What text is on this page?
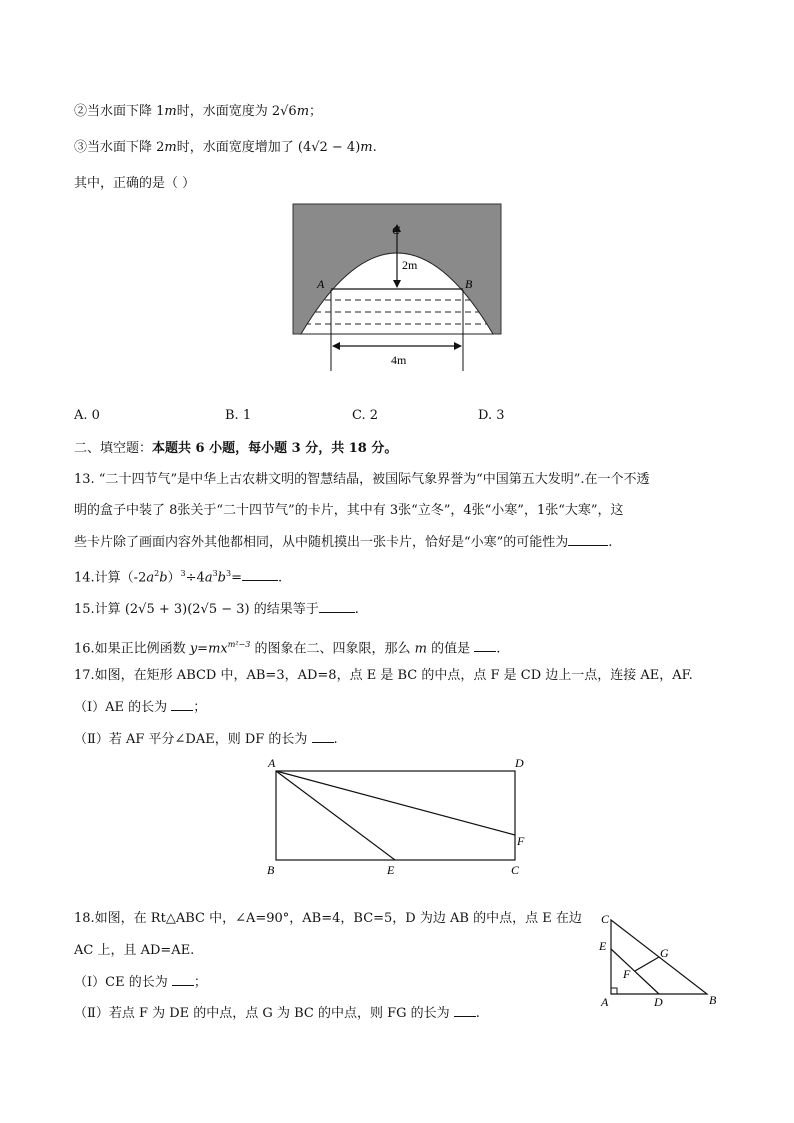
②当水面下降 1m时，水面宽度为 2√6m；
③当水面下降 2m时，水面宽度增加了 (4√2 − 4)m.
其中，正确的是（ ）
2m
C
A	B
4m
A. 0	B. 1	C. 2	D. 3
二、填空题：本题共 6 小题，每小题 3 分，共 18 分。
13. “二十四节气”是中华上古农耕文明的智慧结晶，被国际气象界誉为“中国第五大发明”.在一个不透
明的盒子中装了 8张关于“二十四节气”的卡片，其中有 3张“立冬”，4张“小寒”，1张“大寒”，这
些卡片除了画面内容外其他都相同，从中随机摸出一张卡片，恰好是“小寒”的可能性为	.
14.计算$(-2a^2b)^3\div 4a^3b^3=$	.
15.计算 (2√5 + 3)(2√5 − 3) 的结果等于	.
16.如果正比例函数 $y=mx^{m^2-3}$ 的图象在二、四象限，那么 m 的值是 .
17.如图，在矩形 ABCD 中，AB=3，AD=8，点 E 是 BC 的中点，点 F 是 CD 边上一点，连接 AE，AF.
（Ⅰ）AE 的长为 ；
（Ⅱ）若 AF 平分∠DAE，则 DF 的长为 .
A	D
B	E	C
F
18.如图，在 Rt△ABC 中，∠A=90°，AB=4，BC=5，D 为边 AB 的中点，点 E 在边
AC 上，且 AD=AE.
（Ⅰ）CE 的长为 ；
（Ⅱ）若点 F 为 DE 的中点，点 G 为 BC 的中点，则 FG 的长为 .
C
E	G
F
A	D	B
